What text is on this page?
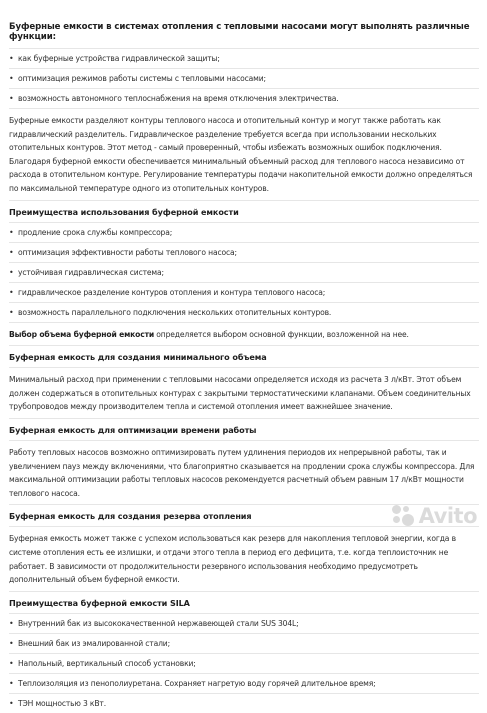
Буферные емкости в системах отопления с тепловыми насосами могут выполнять различные функции:
• как буферные устройства гидравлической защиты;
• оптимизация режимов работы системы с тепловыми насосами;
• возможность автономного теплоснабжения на время отключения электричества.
Буферные емкости разделяют контуры теплового насоса и отопительный контур и могут также работать как гидравлический разделитель. Гидравлическое разделение требуется всегда при использовании нескольких отопительных контуров. Этот метод - самый проверенный, чтобы избежать возможных ошибок подключения. Благодаря буферной емкости обеспечивается минимальный объемный расход для теплового насоса независимо от расхода в отопительном контуре. Регулирование температуры подачи накопительной емкости должно определяться по максимальной температуре одного из отопительных контуров.
Преимущества использования буферной емкости
• продление срока службы компрессора;
• оптимизация эффективности работы теплового насоса;
• устойчивая гидравлическая система;
• гидравлическое разделение контуров отопления и контура теплового насоса;
• возможность параллельного подключения нескольких отопительных контуров.
Выбор объема буферной емкости определяется выбором основной функции, возложенной на нее.
Буферная емкость для создания минимального объема
Минимальный расход при применении с тепловыми насосами определяется исходя из расчета 3 л/кВт. Этот объем должен содержаться в отопительных контурах с закрытыми термостатическими клапанами. Объем соединительных трубопроводов между производителем тепла и системой отопления имеет важнейшее значение.
Буферная емкость для оптимизации времени работы
Работу тепловых насосов возможно оптимизировать путем удлинения периодов их непрерывной работы, так и увеличением пауз между включениями, что благоприятно сказывается на продлении срока службы компрессора. Для максимальной оптимизации работы тепловых насосов рекомендуется расчетный объем равным 17 л/кВт мощности теплового насоса.
Буферная емкость для создания резерва отопления
Буферная емкость может также с успехом использоваться как резерв для накопления тепловой энергии, когда в системе отопления есть ее излишки, и отдачи этого тепла в период его дефицита, т.е. когда теплоисточник не работает. В зависимости от продолжительности резервного использования необходимо предусмотреть дополнительный объем буферной емкости.
Преимущества буферной емкости SILA
• Внутренний бак из высококачественной нержавеющей стали SUS 304L;
• Внешний бак из эмалированной стали;
• Напольный, вертикальный способ установки;
• Теплоизоляция из пенополиуретана. Сохраняет нагретую воду горячей длительное время;
• ТЭН мощностью 3 кВт.
Avito
